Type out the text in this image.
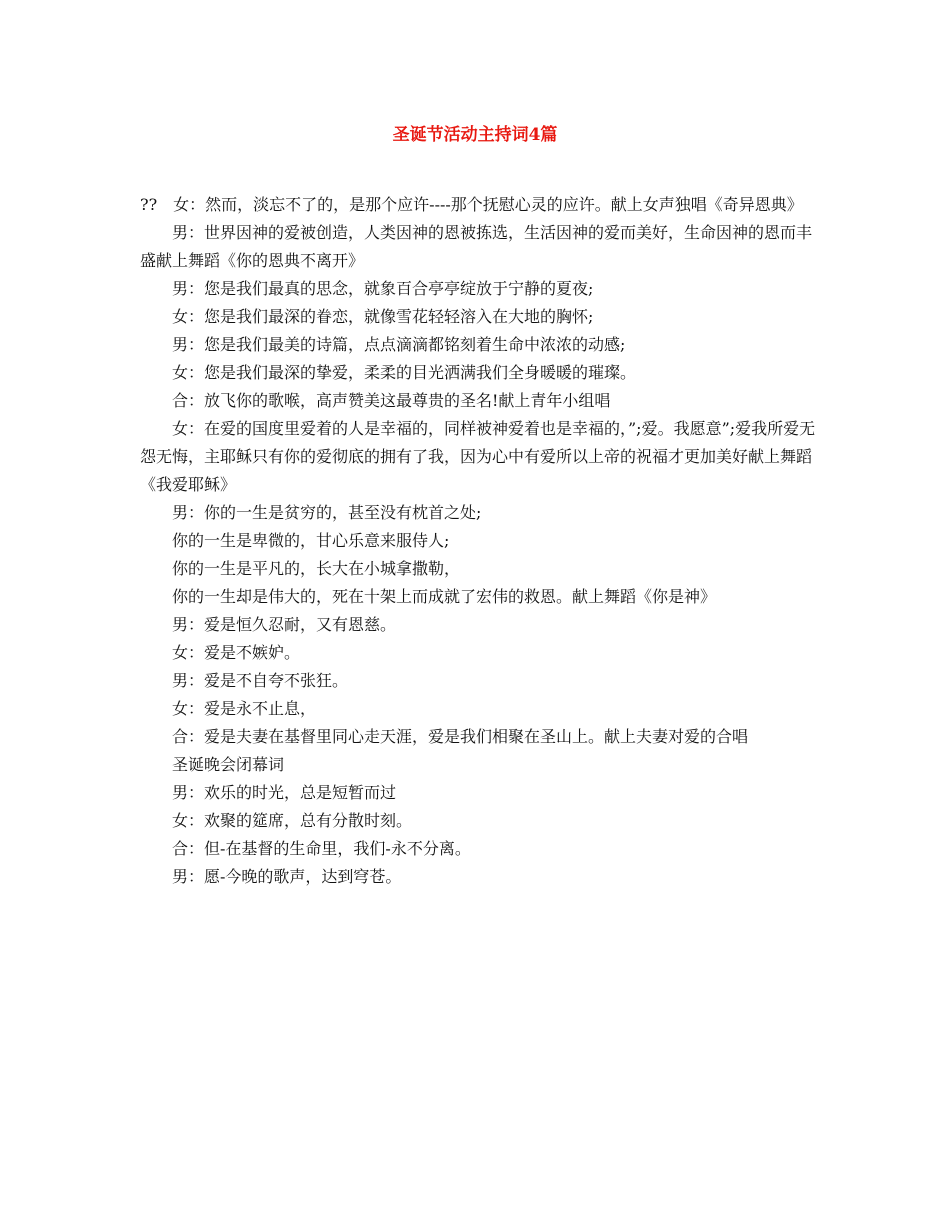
圣诞节活动主持词4篇

??　女：然而，淡忘不了的，是那个应许----那个抚慰心灵的应许。献上女声独唱《奇异恩典》

男：世界因神的爱被创造，人类因神的恩被拣选，生活因神的爱而美好，生命因神的恩而丰盛献上舞蹈《你的恩典不离开》

男：您是我们最真的思念，就象百合亭亭绽放于宁静的夏夜;

女：您是我们最深的眷恋，就像雪花轻轻溶入在大地的胸怀;

男：您是我们最美的诗篇，点点滴滴都铭刻着生命中浓浓的动感;

女：您是我们最深的挚爱，柔柔的目光洒满我们全身暖暖的璀璨。

合：放飞你的歌喉，高声赞美这最尊贵的圣名!献上青年小组唱

女：在爱的国度里爱着的人是幸福的，同样被神爱着也是幸福的，”;爱。我愿意”;爱我所爱无怨无悔，主耶稣只有你的爱彻底的拥有了我，因为心中有爱所以上帝的祝福才更加美好献上舞蹈《我爱耶稣》

男：你的一生是贫穷的，甚至没有枕首之处;

你的一生是卑微的，甘心乐意来服侍人;

你的一生是平凡的，长大在小城拿撒勒，

你的一生却是伟大的，死在十架上而成就了宏伟的救恩。献上舞蹈《你是神》

男：爱是恒久忍耐，又有恩慈。

女：爱是不嫉妒。

男：爱是不自夸不张狂。

女：爱是永不止息，

合：爱是夫妻在基督里同心走天涯，爱是我们相聚在圣山上。献上夫妻对爱的合唱

圣诞晚会闭幕词

男：欢乐的时光，总是短暂而过

女：欢聚的筵席，总有分散时刻。

合：但-在基督的生命里，我们-永不分离。

男：愿-今晚的歌声，达到穹苍。
